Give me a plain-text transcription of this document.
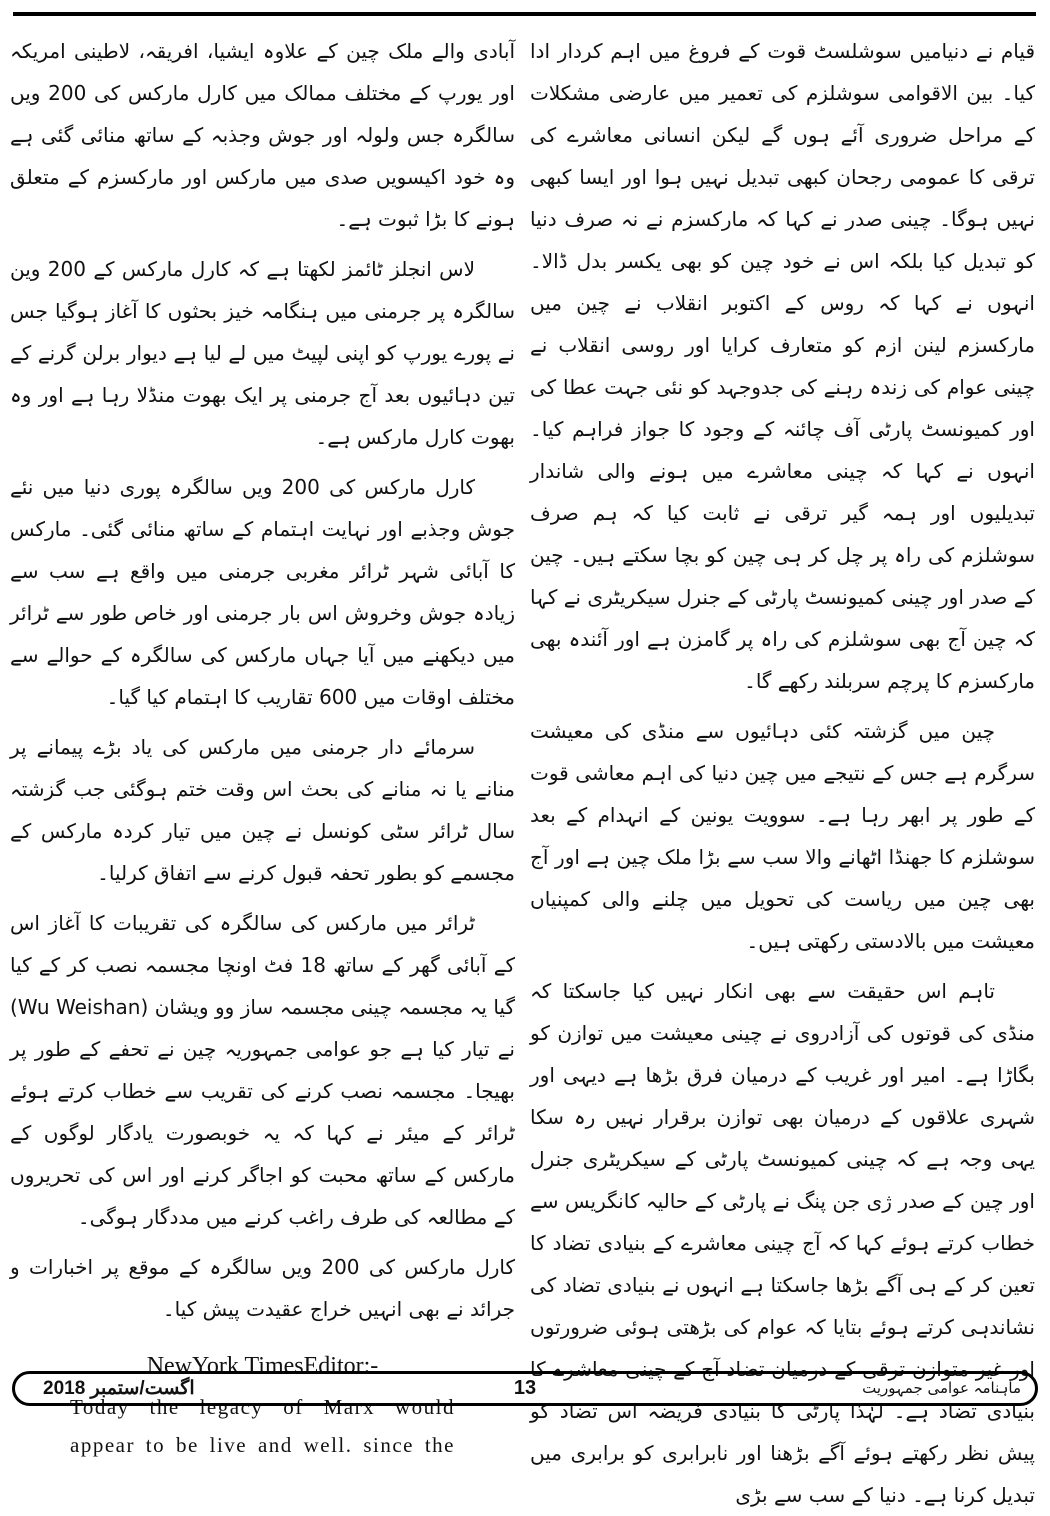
قیام نے دنیامیں سوشلسٹ قوت کے فروغ میں اہم کردار ادا کیا۔ بین الاقوامی سوشلزم کی تعمیر میں عارضی مشکلات کے مراحل ضروری آئے ہوں گے لیکن انسانی معاشرے کی ترقی کا عمومی رجحان کبھی تبدیل نہیں ہوا اور ایسا کبھی نہیں ہوگا۔ چینی صدر نے کہا کہ مارکسزم نے نہ صرف دنیا کو تبدیل کیا بلکہ اس نے خود چین کو بھی یکسر بدل ڈالا۔ انہوں نے کہا کہ روس کے اکتوبر انقلاب نے چین میں مارکسزم لینن ازم کو متعارف کرایا اور روسی انقلاب نے چینی عوام کی زندہ رہنے کی جدوجہد کو نئی جہت عطا کی اور کمیونسٹ پارٹی آف چائنہ کے وجود کا جواز فراہم کیا۔ انہوں نے کہا کہ چینی معاشرے میں ہونے والی شاندار تبدیلیوں اور ہمہ گیر ترقی نے ثابت کیا کہ ہم صرف سوشلزم کی راہ پر چل کر ہی چین کو بچا سکتے ہیں۔ چین کے صدر اور چینی کمیونسٹ پارٹی کے جنرل سیکریٹری نے کہا کہ چین آج بھی سوشلزم کی راہ پر گامزن ہے اور آئندہ بھی مارکسزم کا پرچم سربلند رکھے گا۔

چین میں گزشتہ کئی دہائیوں سے منڈی کی معیشت سرگرم ہے جس کے نتیجے میں چین دنیا کی اہم معاشی قوت کے طور پر ابھر رہا ہے۔ سوویت یونین کے انہدام کے بعد سوشلزم کا جھنڈا اٹھانے والا سب سے بڑا ملک چین ہے اور آج بھی چین میں ریاست کی تحویل میں چلنے والی کمپنیاں معیشت میں بالادستی رکھتی ہیں۔

تاہم اس حقیقت سے بھی انکار نہیں کیا جاسکتا کہ منڈی کی قوتوں کی آزادروی نے چینی معیشت میں توازن کو بگاڑا ہے۔ امیر اور غریب کے درمیان فرق بڑھا ہے دیہی اور شہری علاقوں کے درمیان بھی توازن برقرار نہیں رہ سکا یہی وجہ ہے کہ چینی کمیونسٹ پارٹی کے سیکریٹری جنرل اور چین کے صدر ژی جن پنگ نے پارٹی کے حالیہ کانگریس سے خطاب کرتے ہوئے کہا کہ آج چینی معاشرے کے بنیادی تضاد کا تعین کر کے ہی آگے بڑھا جاسکتا ہے انہوں نے بنیادی تضاد کی نشاندہی کرتے ہوئے بتایا کہ عوام کی بڑھتی ہوئی ضرورتوں اور غیر متوازن ترقی کے درمیان تضاد آج کے چینی معاشرے کا بنیادی تضاد ہے۔ لہٰذا پارٹی کا بنیادی فریضہ اس تضاد کو پیش نظر رکھتے ہوئے آگے بڑھنا اور نابرابری کو برابری میں تبدیل کرنا ہے۔ دنیا کے سب سے بڑی

آبادی والے ملک چین کے علاوہ ایشیا، افریقہ، لاطینی امریکہ اور یورپ کے مختلف ممالک میں کارل مارکس کی 200 ویں سالگرہ جس ولولہ اور جوش وجذبہ کے ساتھ منائی گئی ہے وہ خود اکیسویں صدی میں مارکس اور مارکسزم کے متعلق ہونے کا بڑا ثبوت ہے۔

لاس انجلز ٹائمز لکھتا ہے کہ کارل مارکس کے 200 وین سالگرہ پر جرمنی میں ہنگامہ خیز بحثوں کا آغاز ہوگیا جس نے پورے یورپ کو اپنی لپیٹ میں لے لیا ہے دیوار برلن گرنے کے تین دہائیوں بعد آج جرمنی پر ایک بھوت منڈلا رہا ہے اور وہ بھوت کارل مارکس ہے۔

کارل مارکس کی 200 ویں سالگرہ پوری دنیا میں نئے جوش وجذبے اور نہایت اہتمام کے ساتھ منائی گئی۔ مارکس کا آبائی شہر ٹرائر مغربی جرمنی میں واقع ہے سب سے زیادہ جوش وخروش اس بار جرمنی اور خاص طور سے ٹرائر میں دیکھنے میں آیا جہاں مارکس کی سالگرہ کے حوالے سے مختلف اوقات میں 600 تقاریب کا اہتمام کیا گیا۔

سرمائے دار جرمنی میں مارکس کی یاد بڑے پیمانے پر منانے یا نہ منانے کی بحث اس وقت ختم ہوگئی جب گزشتہ سال ٹرائر سٹی کونسل نے چین میں تیار کردہ مارکس کے مجسمے کو بطور تحفہ قبول کرنے سے اتفاق کرلیا۔

ٹرائر میں مارکس کی سالگرہ کی تقریبات کا آغاز اس کے آبائی گھر کے ساتھ 18 فٹ اونچا مجسمہ نصب کر کے کیا گیا یہ مجسمہ چینی مجسمہ ساز وو ویشان (Wu Weishan) نے تیار کیا ہے جو عوامی جمہوریہ چین نے تحفے کے طور پر بھیجا۔ مجسمہ نصب کرنے کی تقریب سے خطاب کرتے ہوئے ٹرائر کے میئر نے کہا کہ یہ خوبصورت یادگار لوگوں کے مارکس کے ساتھ محبت کو اجاگر کرنے اور اس کی تحریروں کے مطالعہ کی طرف راغب کرنے میں مددگار ہوگی۔

کارل مارکس کی 200 ویں سالگرہ کے موقع پر اخبارات و جرائد نے بھی انہیں خراج عقیدت پیش کیا۔

NewYork TimesEditor:-
Today the legacy of Marx would appear to be live and well. since the
اگست/ستمبر 2018	13	ماہنامہ عوامی جمہوریت
